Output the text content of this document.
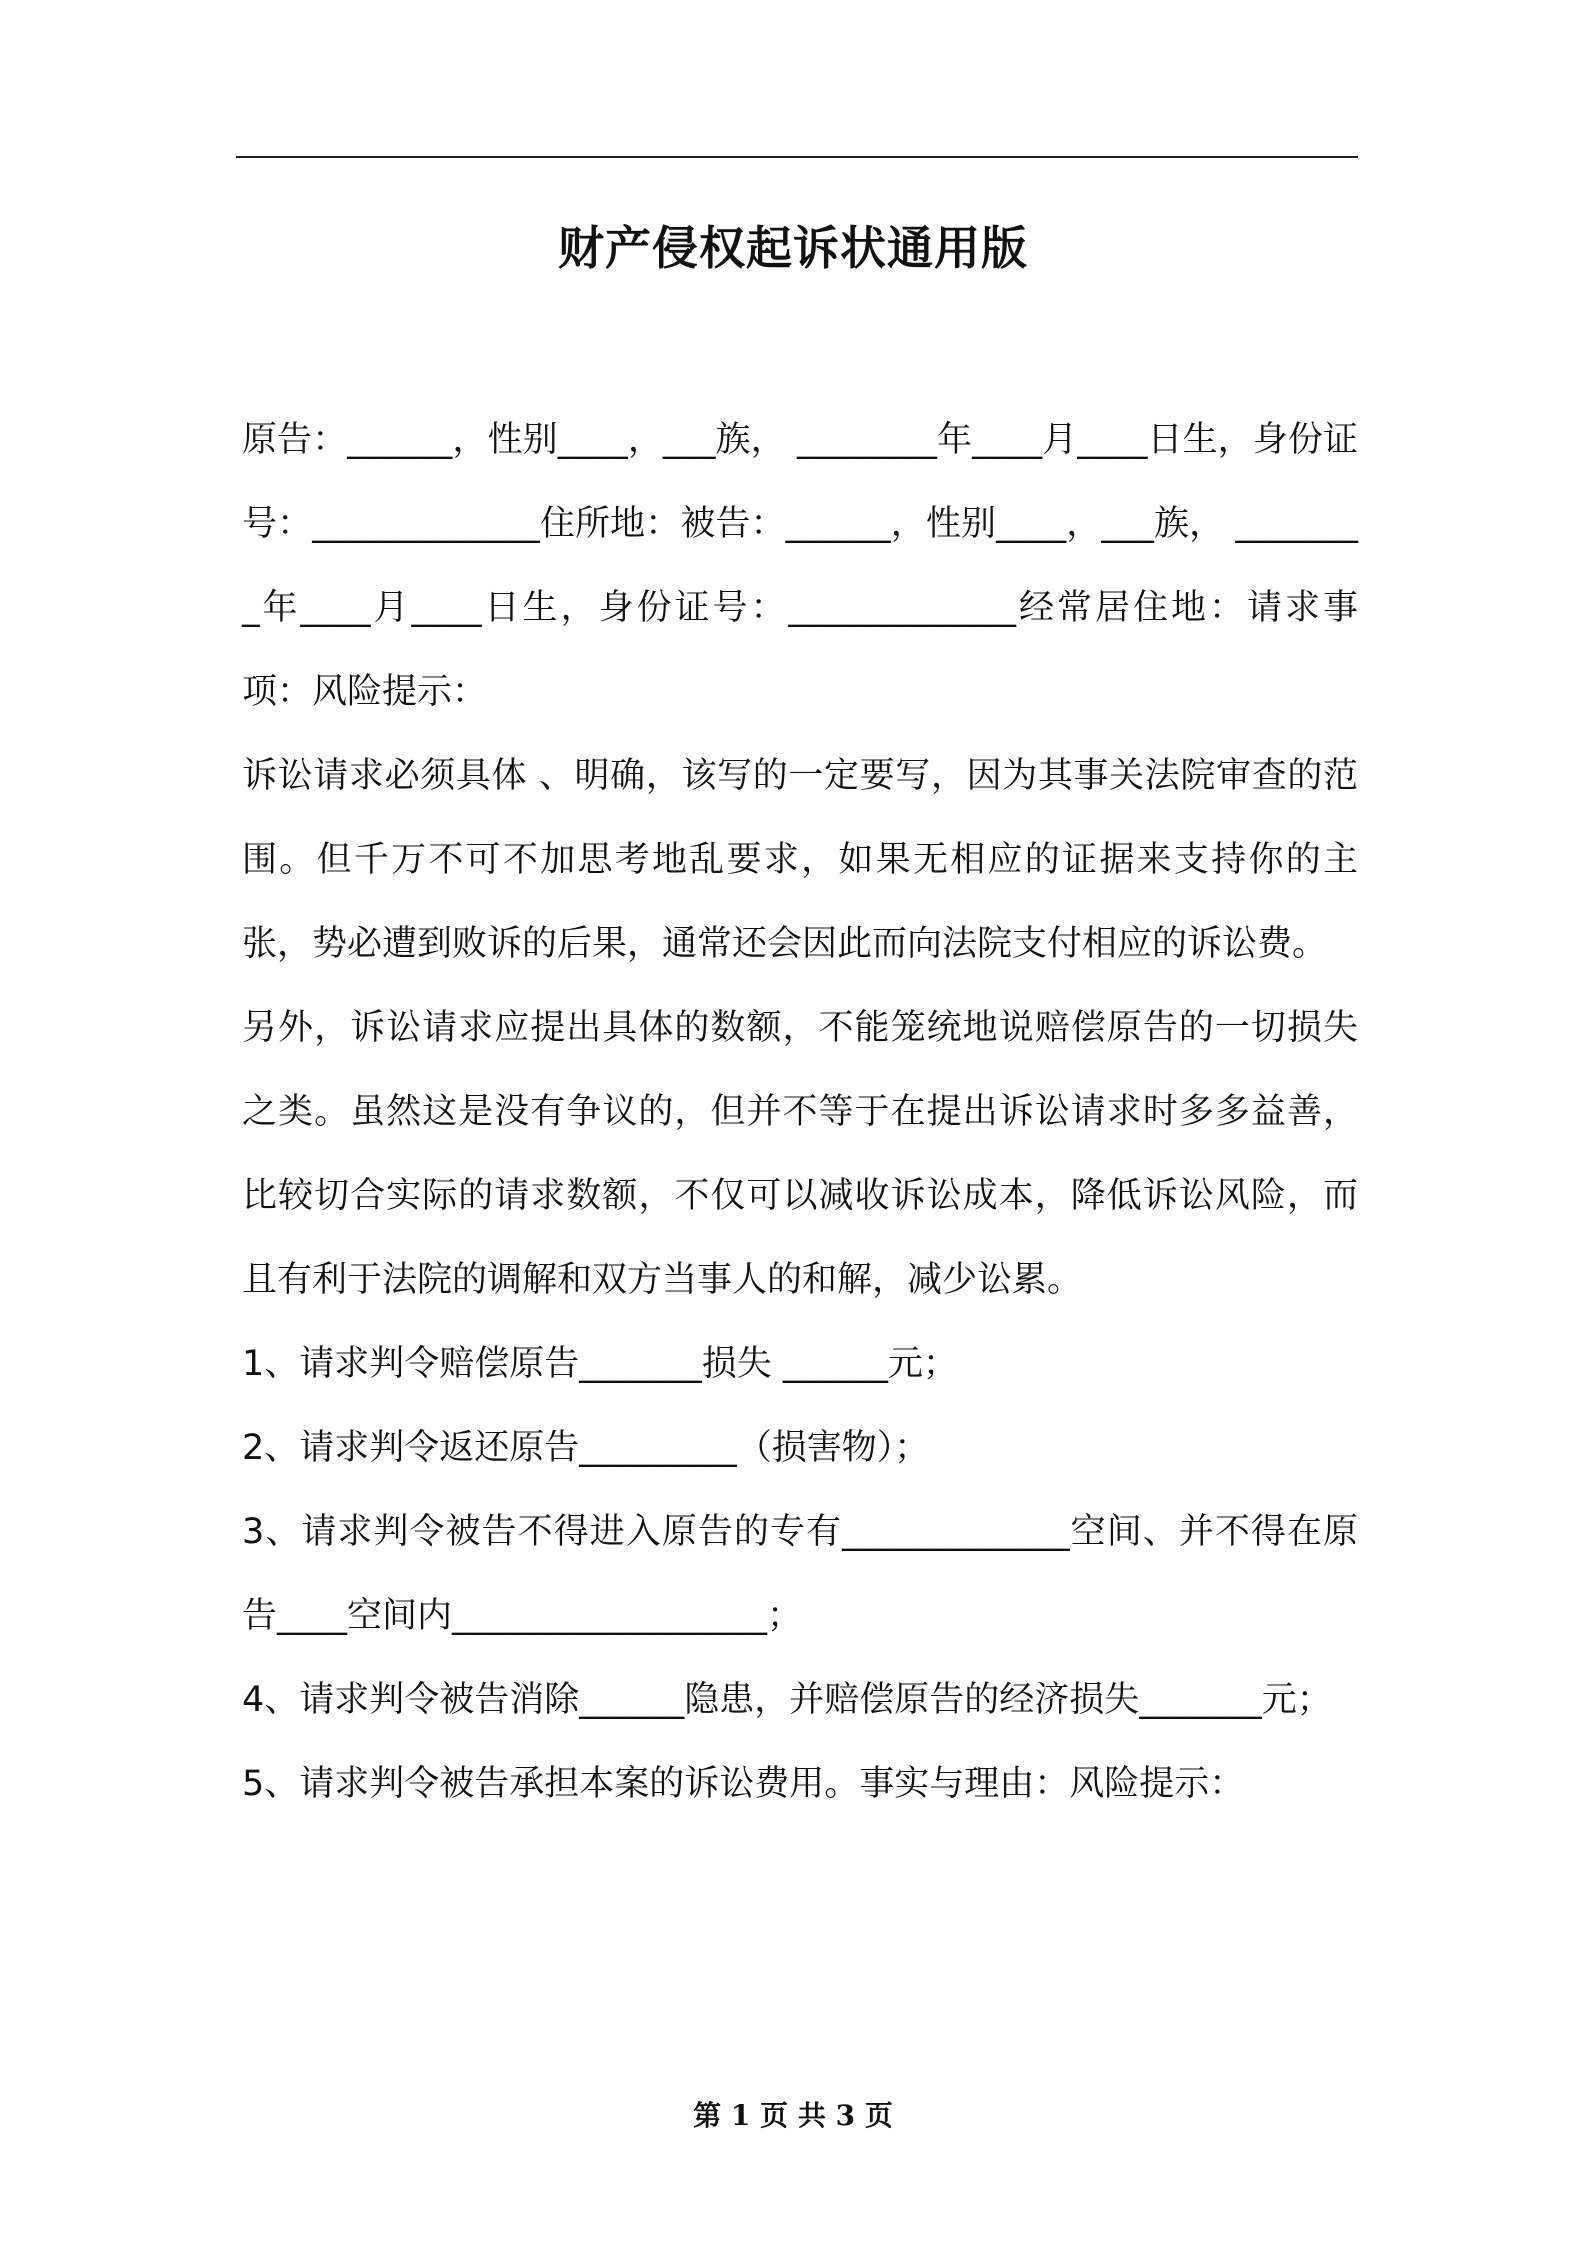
财产侵权起诉状通用版

原告：______，性别____，___族， ________年____月____日生，身份证号：_____________住所地：被告：______，性别____，___族， ________年____月____日生，身份证号：_____________经常居住地：请求事项：风险提示：

诉讼请求必须具体 、明确，该写的一定要写，因为其事关法院审查的范围。但千万不可不加思考地乱要求，如果无相应的证据来支持你的主张，势必遭到败诉的后果，通常还会因此而向法院支付相应的诉讼费。

另外，诉讼请求应提出具体的数额，不能笼统地说赔偿原告的一切损失之类。虽然这是没有争议的，但并不等于在提出诉讼请求时多多益善，比较切合实际的请求数额，不仅可以减收诉讼成本，降低诉讼风险，而且有利于法院的调解和双方当事人的和解，减少讼累。

1、请求判令赔偿原告_______损失 ______元；

2、请求判令返还原告_________（损害物）；

3、请求判令被告不得进入原告的专有_____________空间、并不得在原告____空间内__________________；

4、请求判令被告消除______隐患，并赔偿原告的经济损失_______元；

5、请求判令被告承担本案的诉讼费用。事实与理由：风险提示：

第 1 页 共 3 页
